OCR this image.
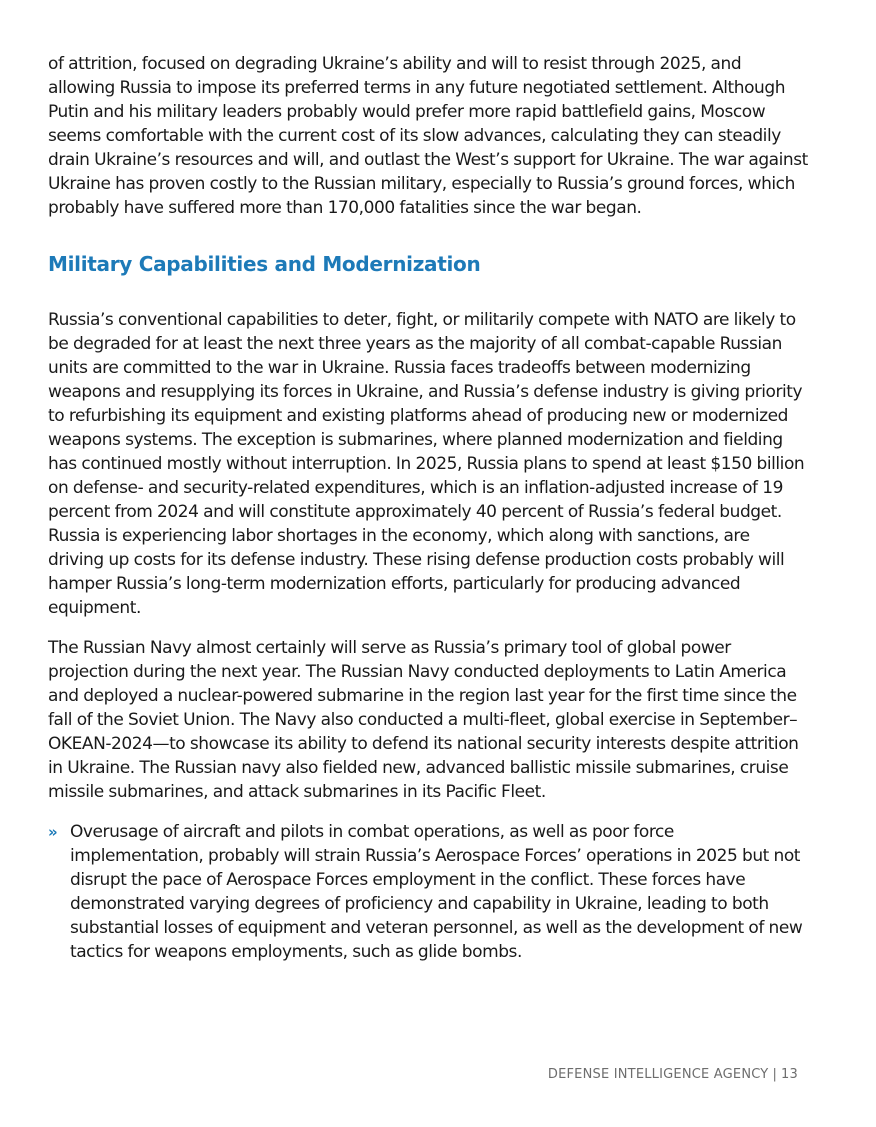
of attrition, focused on degrading Ukraine’s ability and will to resist through 2025, and allowing Russia to impose its preferred terms in any future negotiated settlement. Although Putin and his military leaders probably would prefer more rapid battlefield gains, Moscow seems comfortable with the current cost of its slow advances, calculating they can steadily drain Ukraine’s resources and will, and outlast the West’s support for Ukraine. The war against Ukraine has proven costly to the Russian military, especially to Russia’s ground forces, which probably have suffered more than 170,000 fatalities since the war began.

Military Capabilities and Modernization

Russia’s conventional capabilities to deter, fight, or militarily compete with NATO are likely to be degraded for at least the next three years as the majority of all combat-capable Russian units are committed to the war in Ukraine. Russia faces tradeoffs between modernizing weapons and resupplying its forces in Ukraine, and Russia’s defense industry is giving priority to refurbishing its equipment and existing platforms ahead of producing new or modernized weapons systems. The exception is submarines, where planned modernization and fielding has continued mostly without interruption. In 2025, Russia plans to spend at least $150 billion on defense- and security-related expenditures, which is an inflation-adjusted increase of 19 percent from 2024 and will constitute approximately 40 percent of Russia’s federal budget. Russia is experiencing labor shortages in the economy, which along with sanctions, are driving up costs for its defense industry. These rising defense production costs probably will hamper Russia’s long-term modernization efforts, particularly for producing advanced equipment.

The Russian Navy almost certainly will serve as Russia’s primary tool of global power projection during the next year. The Russian Navy conducted deployments to Latin America and deployed a nuclear-powered submarine in the region last year for the first time since the fall of the Soviet Union. The Navy also conducted a multi-fleet, global exercise in September–OKEAN-2024—to showcase its ability to defend its national security interests despite attrition in Ukraine. The Russian navy also fielded new, advanced ballistic missile submarines, cruise missile submarines, and attack submarines in its Pacific Fleet.

» Overusage of aircraft and pilots in combat operations, as well as poor force implementation, probably will strain Russia’s Aerospace Forces’ operations in 2025 but not disrupt the pace of Aerospace Forces employment in the conflict. These forces have demonstrated varying degrees of proficiency and capability in Ukraine, leading to both substantial losses of equipment and veteran personnel, as well as the development of new tactics for weapons employments, such as glide bombs.

DEFENSE INTELLIGENCE AGENCY | 13
